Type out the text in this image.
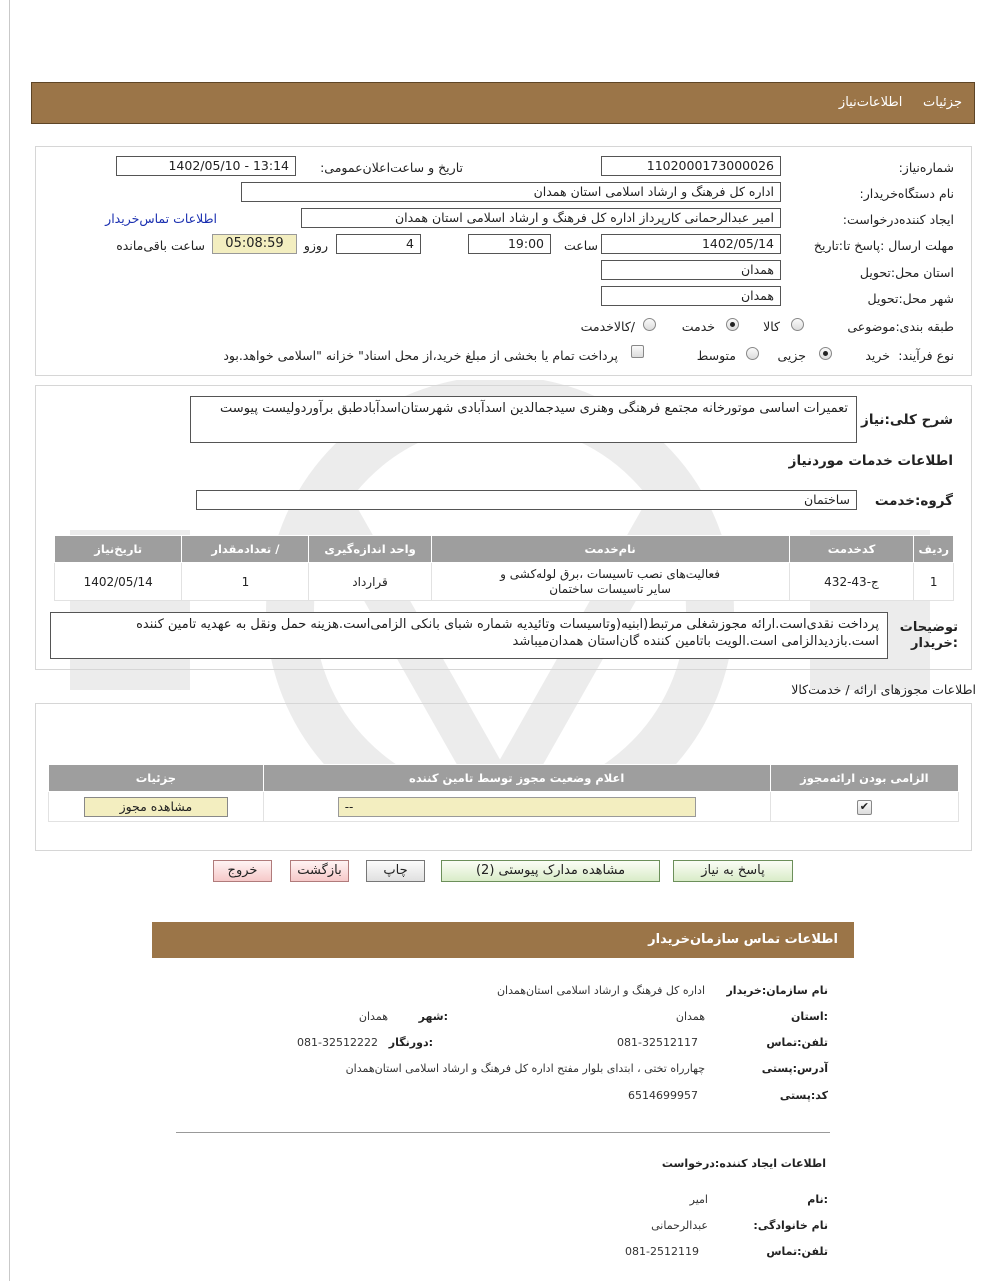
جزئیات     اطلاعات‌نیاز
شماره‌نیاز:
1102000173000026
تاریخ و ساعت‌اعلان‌عمومی:
1402/05/10 - 13:14
نام دستگاه‌خریدار:
اداره کل فرهنگ و ارشاد اسلامی استان همدان
ایجاد کننده‌درخواست:
امیر عبدالرحمانی کارپرداز اداره کل فرهنگ و ارشاد اسلامی استان همدان
اطلاعات تماس‌خریدار
مهلت ارسال :پاسخ تا:تاریخ
1402/05/14
ساعت
19:00
4
روزو
05:08:59
ساعت باقی‌مانده
استان محل:تحویل
همدان
شهر محل:تحویل
همدان
طبقه بندی:موضوعی
کالا
خدمت
/کالاخدمت
نوع فرآیند:
خرید
جزیی
متوسط
پرداخت تمام یا بخشی از مبلغ خرید،از محل اسناد" خزانه "اسلامی خواهد.بود
شرح کلی:نیاز
تعمیرات اساسی موتورخانه مجتمع فرهنگی وهنری سیدجمالدین اسدآبادی شهرستان‌اسدآبادطبق برآوردولیست پیوست
اطلاعات خدمات موردنیاز
گروه:خدمت
ساختمان
ردیف	کدخدمت	نام‌خدمت	واحد اندازه‌گیری	/ تعدادمقدار	تاریخ‌نیاز
1	ج-43-432	فعالیت‌های نصب تاسیسات ،برق لوله‌کشی و سایر تاسیسات ساختمان	قرارداد	1	1402/05/14
توضیحات :خریدار
پرداخت نقدی‌است.ارائه مجوزشغلی مرتبط(ابنیه(وتاسیسات وتائیدیه شماره شبای بانکی الزامی‌است.هزینه حمل ونقل به عهدیه تامین کننده است.بازدیدالزامی است.الویت باتامین کننده گان‌استان همدان‌میباشد
اطلاعات مجوزهای ارائه / خدمت‌کالا
الزامی بودن ارائه‌مجوز	اعلام وضعیت مجوز توسط تامین کننده	جزئیات
✔	--	مشاهده مجوز
پاسخ به نیاز
مشاهده مدارک پیوستی (2)
چاپ
بازگشت
خروج
اطلاعات تماس سازمان‌خریدار
نام سازمان:خریدار
اداره کل فرهنگ و ارشاد اسلامی استان‌همدان
:استان
همدان
:شهر
همدان
تلفن:تماس
081-32512117
:دورنگار
081-32512222
آدرس:پستی
چهارراه تختی ، ابتدای بلوار مفتح اداره کل فرهنگ و ارشاد اسلامی استان‌همدان
کد:پستی
6514699957
اطلاعات ایجاد کننده:درخواست
:نام
امیر
نام خانوادگی:
عبدالرحمانی
تلفن:تماس
081-2512119
